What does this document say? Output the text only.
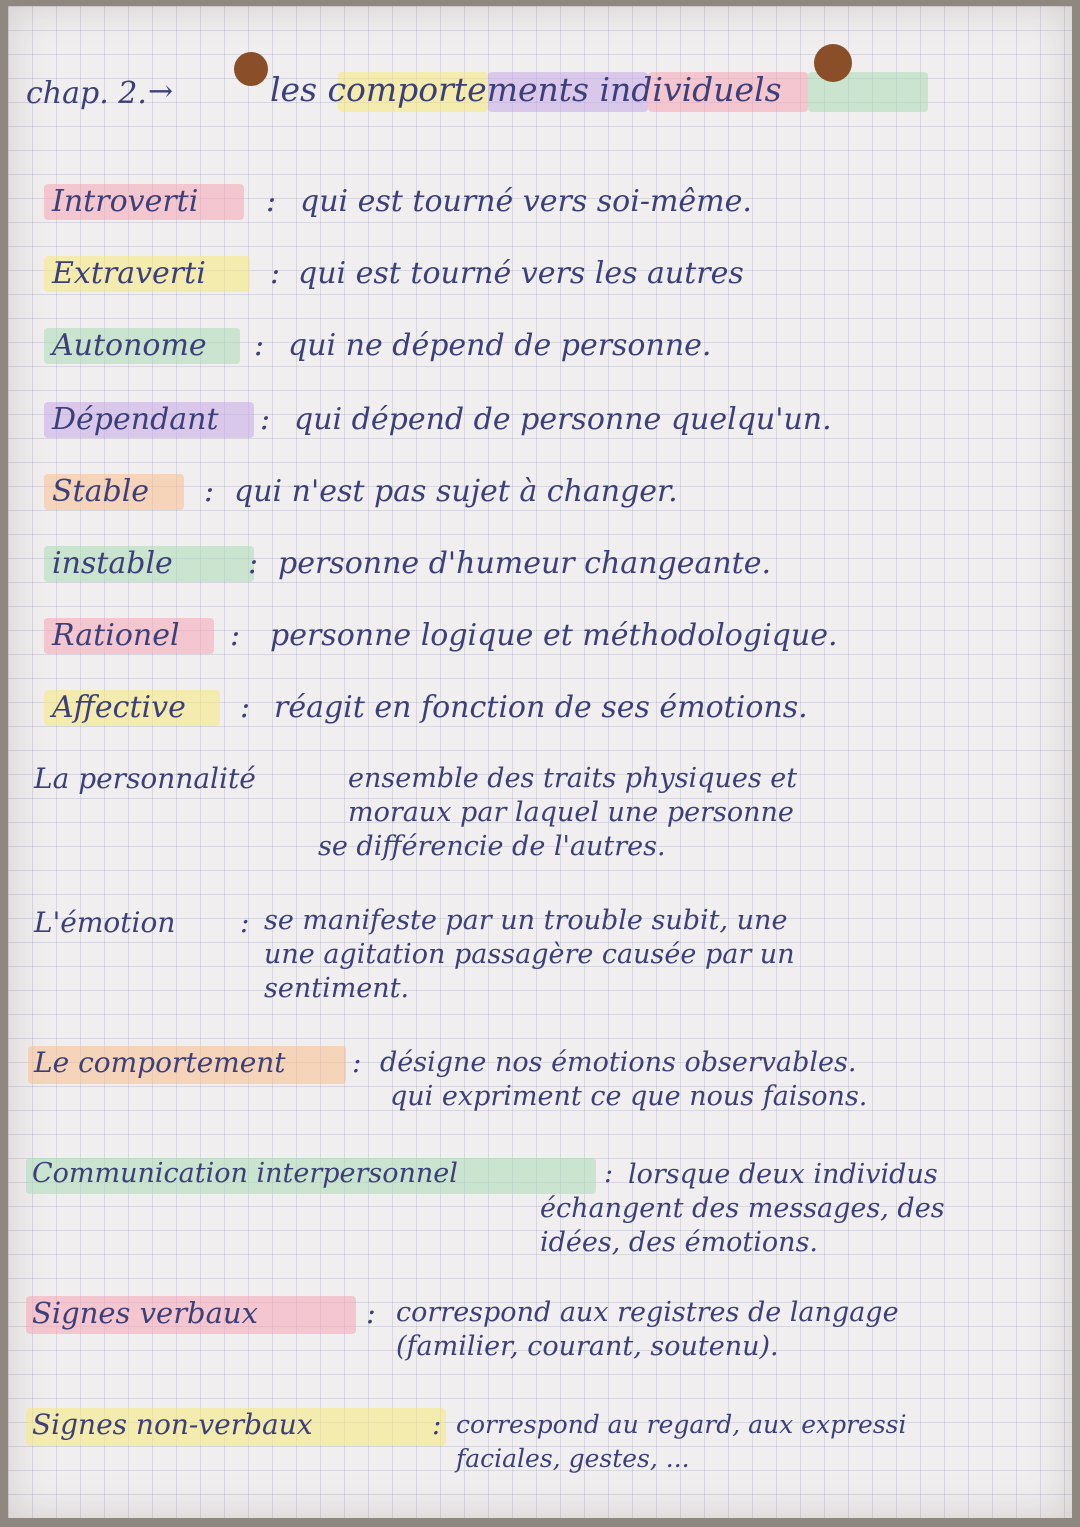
chap. 2. →	les comportements individuels
Introverti : qui est tourné vers soi-même.
Extraverti : qui est tourné vers les autres
Autonome : qui ne dépend de personne.
Dépendant : qui dépend de personne quelqu'un.
Stable : qui n'est pas sujet à changer.
instable	: personne d'humeur changeante.
Rationel : personne logique et méthodologique.
Affective : réagit en fonction de ses émotions.
La personnalité	ensemble des traits physiques et
moraux par laquel une personne
se différencie de l'autres.
L'émotion : se manifeste par un trouble subit, une
une agitation passagère causée par un
sentiment.
Le comportement : désigne nos émotions observables.
qui expriment ce que nous faisons.
Communication interpersonnel	: lorsque deux individus
échangent des messages, des
idées, des émotions.
Signes verbaux	: correspond aux registres de langage
(familier, courant, soutenu).
Signes non-verbaux	: correspond au regard, aux expressi
faciales, gestes, ...
